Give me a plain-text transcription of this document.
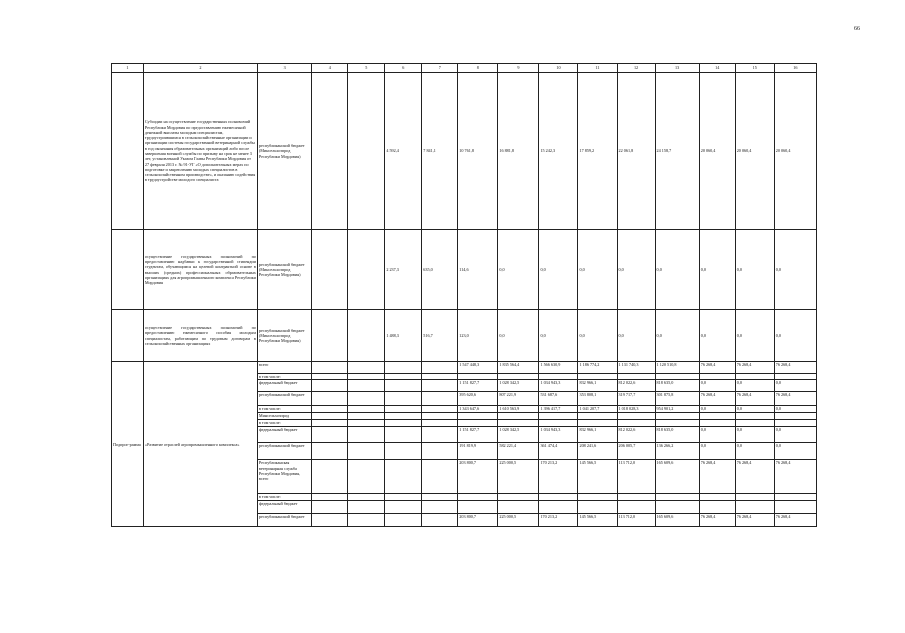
66
1	2	3	4	5	6	7	8	9	10	11	12	13	14	15	16
	Субсидии на осуществление государственных полномочий Республики Мордовия по предоставлению ежемесячной денежной выплаты молодым специалистам, трудоустроившимся в сельскохозяйственные организации и организации системы государственной ветеринарной службы в год окончания образовательных организаций либо после завершения военной службы по призыву на срок не менее 3 лет, установленной Указом Главы Республики Мордовия от 27 февраля 2013 г. № 91-УГ «О дополнительных мерах по подготовке и закреплению молодых специалистов в сельскохозяйственном производстве», и оказанию содействия в трудоустройстве молодого специалиста	республиканский бюджет (Минсельхозпрод Республики Мордовия)			4 592,4	7 841,1	10 761,8	16 881,8	15 242,3	17 859,2	22 061,8	24 158,7	20 060,4	20 060,4	20 060,4
	осуществление государственных полномочий по предоставлению надбавки к государственной стипендии студентам, обучающимся на целевой контрактной основе в высших (средних) профессиональных образовательных организациях для агропромышленного комплекса Республики Мордовия	республиканский бюджет (Минсельхозпрод Республики Мордовия)			2 237,3	635,0	114,6	0,0	0,0	0,0	0,0	0,0	0,0	0,0	0,0
	осуществление государственных полномочий по предоставлению ежемесячного пособия молодым специалистам, работающим по трудовым договорам в сельскохозяйственных организациях	республиканский бюджет (Минсельхозпрод Республики Мордовия)			1 488,3	516,7	123,0	0,0	0,0	0,0	0,0	0,0	0,0	0,0	0,0
Подпрог-рамма	«Развитие отраслей агропромышленного комплекса»	всего					1 547 448,3	1 835 564,4	1 566 630,9	1 186 774,2	1 131 740,3	1 120 510,8	76 268,4	76 268,4	76 268,4
		в том числе:													
		федеральный бюджет					1 151 827,7	1 028 342,5	1 034 943,3	832 966,1	812 022,6	818 635,0	0,0	0,0	0,0
		республиканский бюджет					395 620,6	807 221,9	531 687,6	353 808,1	319 717,7	301 875,8	76 268,4	76 268,4	76 268,4
		в том числе:					1 343 647,6	1 610 563,9	1 396 417,7	1 041 207,7	1 018 028,3	954 901,2	0,0	0,0	0,0
		Минсельхозпрод													
		в том числе:													
		федеральный бюджет					1 151 827,7	1 028 342,5	1 034 943,3	832 966,1	812 022,6	818 635,0	0,0	0,0	0,0
		республиканский бюджет					191 819,9	582 221,4	361 474,4	208 241,6	206 005,7	136 266,2	0,0	0,0	0,0
		Республиканская ветеринарная служба Республики Мордовия, всего					203 800,7	225 000,5	170 213,2	145 566,5	113 712,0	165 609,6	76 268,4	76 268,4	76 268,4
		в том числе:													
		федеральный бюджет													
		республиканский бюджет					203 800,7	225 000,5	170 213,2	145 566,5	113 712,0	165 609,6	76 268,4	76 268,4	76 268,4
